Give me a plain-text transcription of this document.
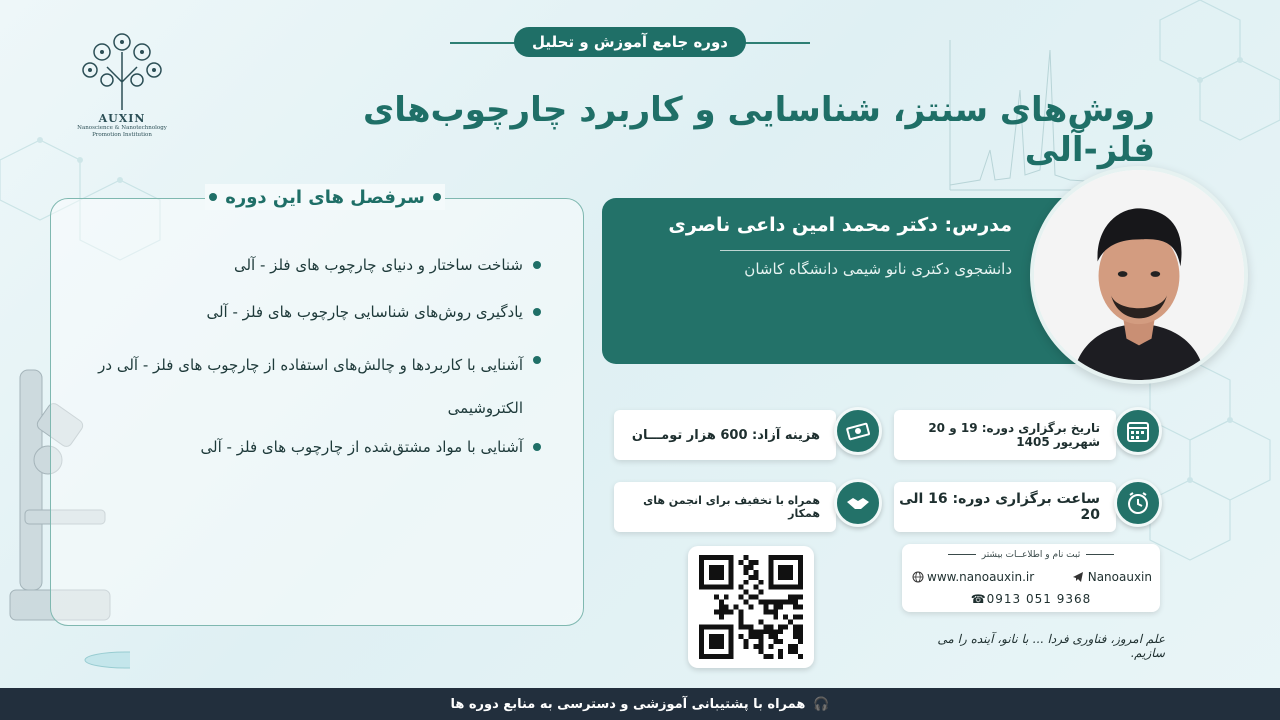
AUXIN
Nanoscience & Nanotechnology Promotion Institution
دوره جامع آموزش و تحلیل
روش‌های سنتز، شناسایی و کاربرد چارچوب‌های فلز-آلی
شناخت ساختار و دنیای چارچوب های فلز - آلی
یادگیری روش‌های شناسایی چارچوب های فلز - آلی
آشنایی با کاربردها و چالش‌های استفاده از چارچوب های فلز - آلی در الکتروشیمی
آشنایی با مواد مشتق‌شده از چارچوب های فلز - آلی
سرفصل های این دوره
مدرس: دکتر محمد امین داعی ناصری
دانشجوی دکتری نانو شیمی دانشگاه کاشان
تاریخ برگزاری دوره: 19 و 20 شهریور 1405
هزینه آزاد: 600 هزار تومـــان
ساعت برگزاری دوره: 16 الی 20
همراه با تخفیف برای انجمن های همکار
ثبت نام و اطلاعــات بیشتر
www.nanoauxin.ir	Nanoauxin
☎0913 051 9368
علم امروز، فناوری فردا ... با نانو، آینده را می سازیم.
🎧
همراه با پشتیبانی آموزشی و دسترسی به منابع دوره ها
